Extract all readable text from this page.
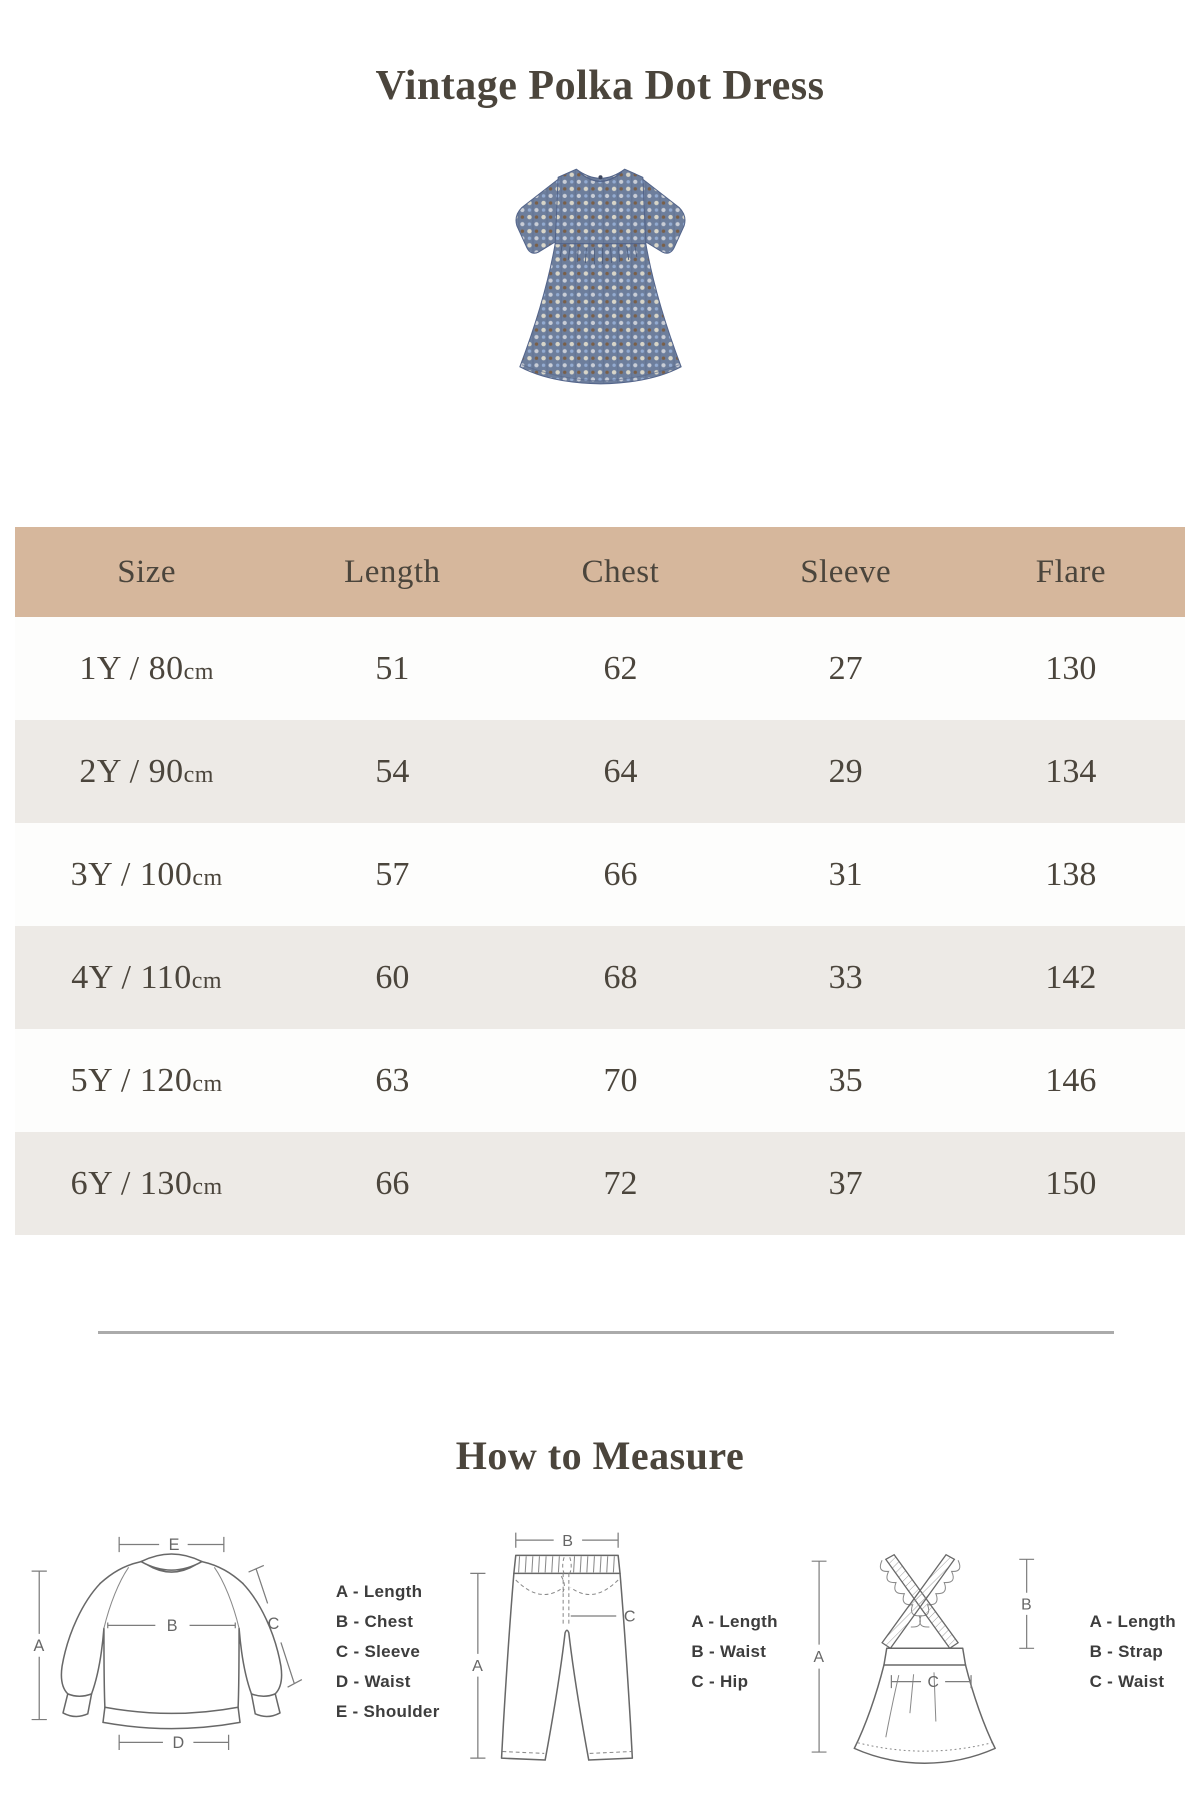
Vintage Polka Dot Dress
Size	Length	Chest	Sleeve	Flare
1Y / 80cm	51	62	27	130
2Y / 90cm	54	64	29	134
3Y / 100cm	57	66	31	138
4Y / 110cm	60	68	33	142
5Y / 120cm	63	70	35	146
6Y / 130cm	66	72	37	150
How to Measure
E
B
A
C
D
A - Length
B - Chest
C - Sleeve
D - Waist
E - Shoulder
B
C
A
A - Length
B - Waist
C - Hip
B
C
A
A - Length
B - Strap
C - Waist
